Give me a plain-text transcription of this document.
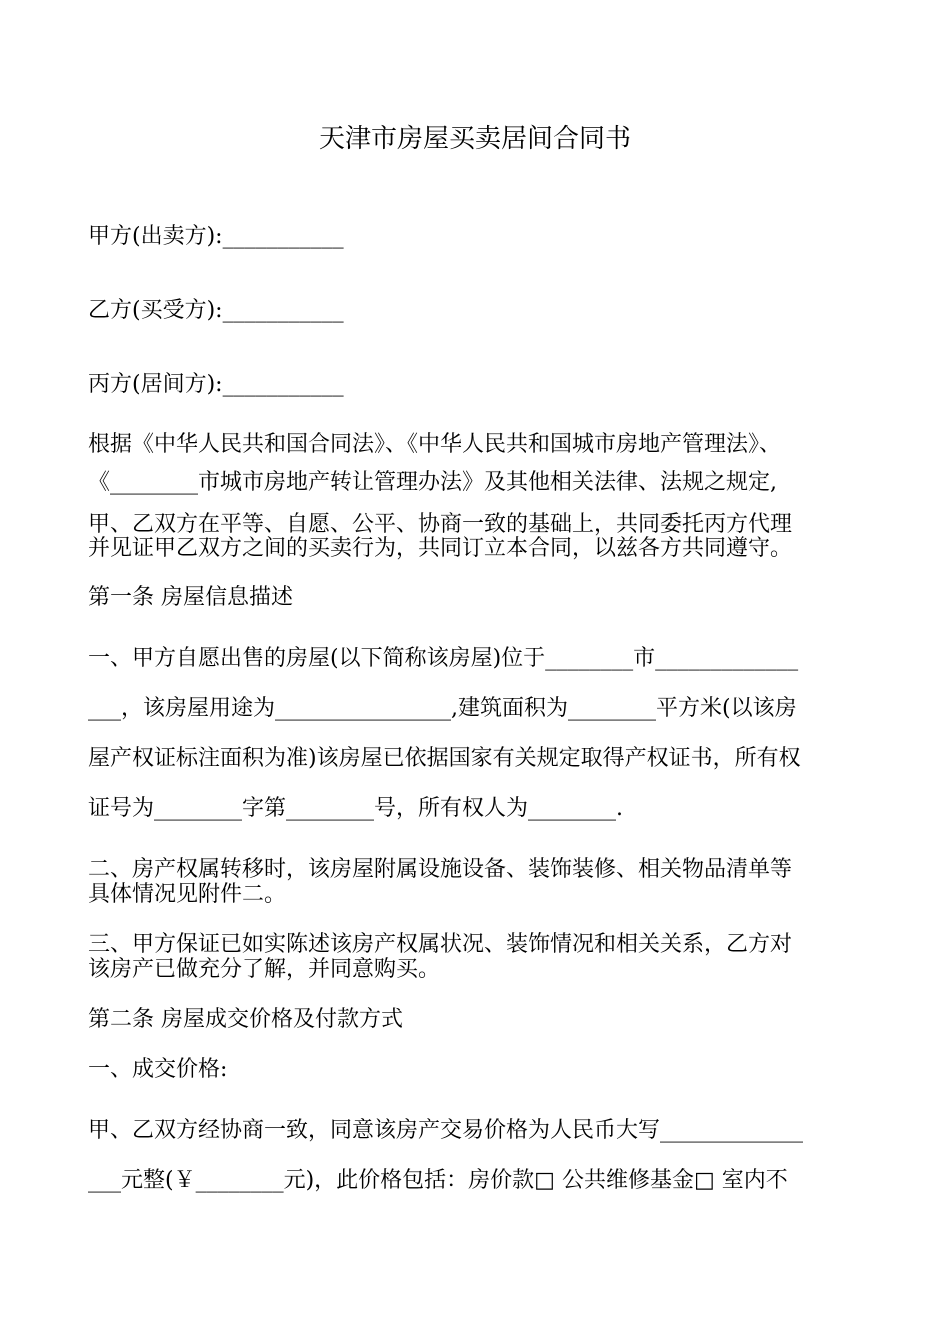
天津市房屋买卖居间合同书
甲方(出卖方):___________
乙方(买受方):___________
丙方(居间方):___________
根据《中华人民共和国合同法》、《中华人民共和国城市房地产管理法》、
《________市城市房地产转让管理办法》及其他相关法律、法规之规定,
甲、乙双方在平等、自愿、公平、协商一致的基础上，共同委托丙方代理
并见证甲乙双方之间的买卖行为，共同订立本合同，以兹各方共同遵守。
第一条 房屋信息描述
一、甲方自愿出售的房屋(以下简称该房屋)位于________市_____________
___，该房屋用途为________________,建筑面积为________平方米(以该房
屋产权证标注面积为准)该房屋已依据国家有关规定取得产权证书，所有权
证号为________字第________号，所有权人为________.
二、房产权属转移时，该房屋附属设施设备、装饰装修、相关物品清单等
具体情况见附件二。
三、甲方保证已如实陈述该房产权属状况、装饰情况和相关关系，乙方对
该房产已做充分了解，并同意购买。
第二条 房屋成交价格及付款方式
一、成交价格:
甲、乙双方经协商一致，同意该房产交易价格为人民币大写_____________
___元整(￥________元)，此价格包括：房价款□ 公共维修基金□ 室内不
